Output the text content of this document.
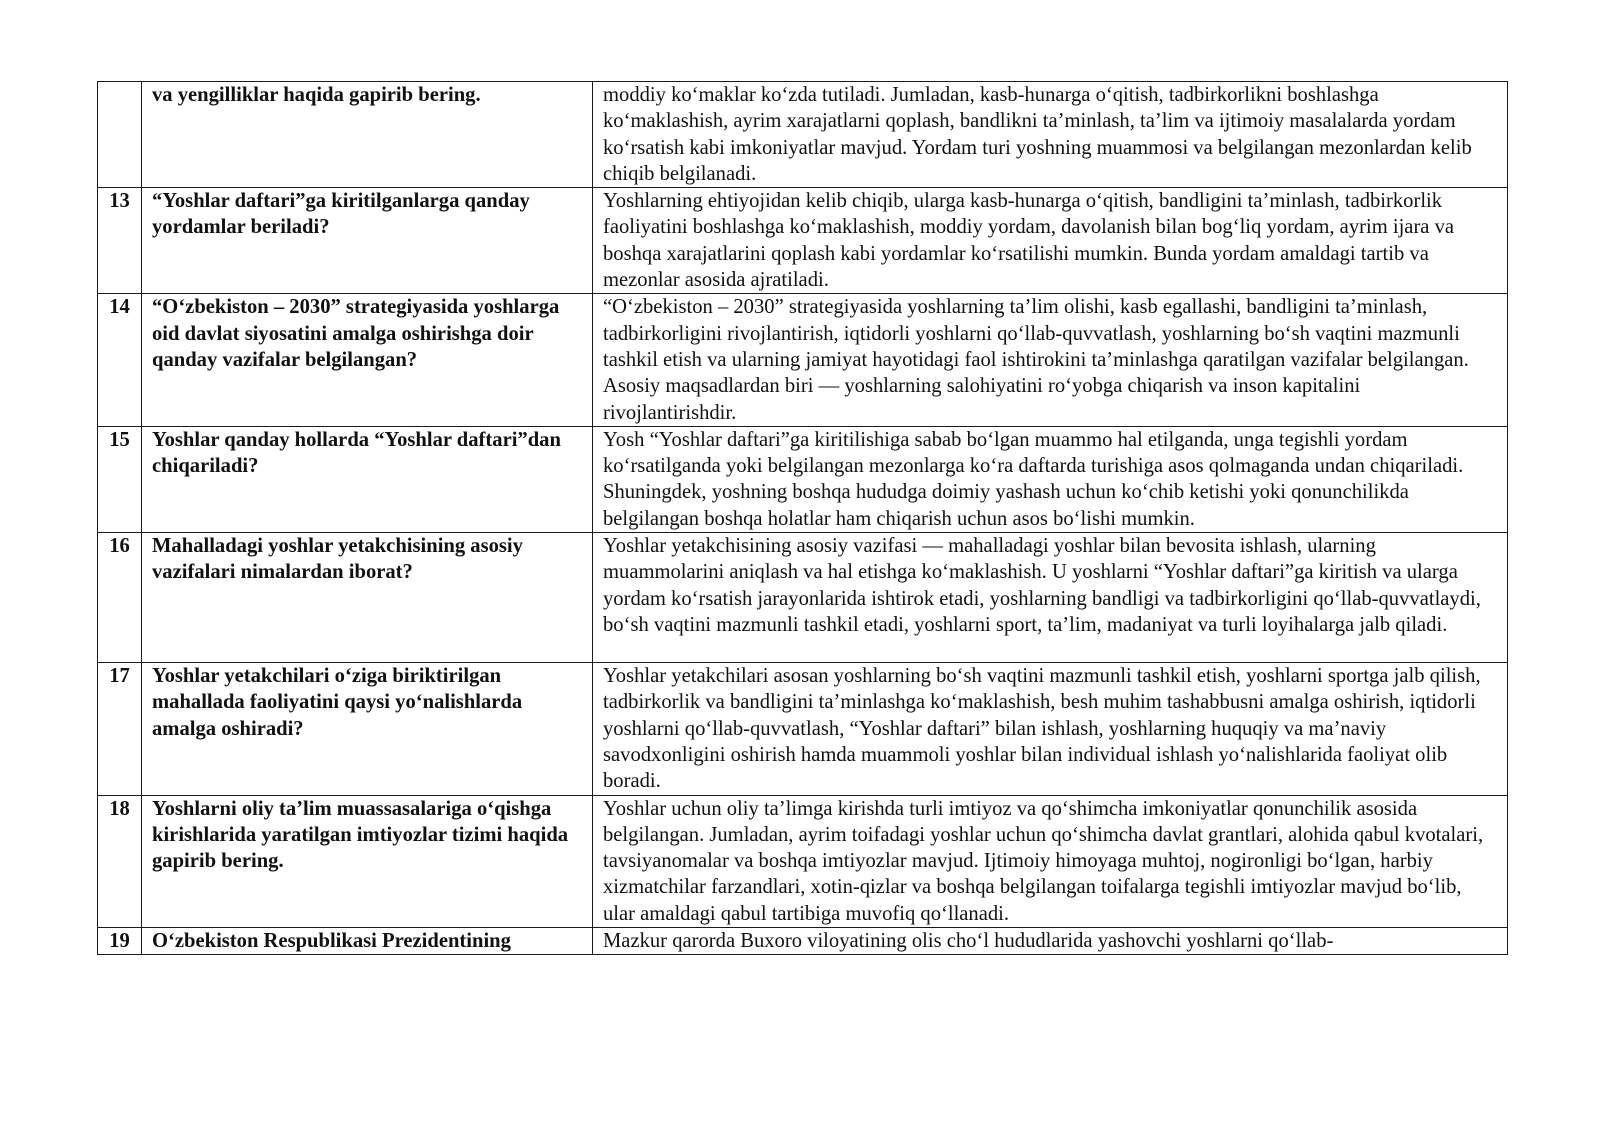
	va yengilliklar haqida gapirib bering.	moddiy koʻmaklar koʻzda tutiladi. Jumladan, kasb-hunarga oʻqitish, tadbirkorlikni boshlashga koʻmaklashish, ayrim xarajatlarni qoplash, bandlikni taʼminlash, taʼlim va ijtimoiy masalalarda yordam koʻrsatish kabi imkoniyatlar mavjud. Yordam turi yoshning muammosi va belgilangan mezonlardan kelib chiqib belgilanadi.

13	“Yoshlar daftari”ga kiritilganlarga qanday yordamlar beriladi?	Yoshlarning ehtiyojidan kelib chiqib, ularga kasb-hunarga oʻqitish, bandligini taʼminlash, tadbirkorlik faoliyatini boshlashga koʻmaklashish, moddiy yordam, davolanish bilan bogʻliq yordam, ayrim ijara va boshqa xarajatlarini qoplash kabi yordamlar koʻrsatilishi mumkin. Bunda yordam amaldagi tartib va mezonlar asosida ajratiladi.

14	“Oʻzbekiston – 2030” strategiyasida yoshlarga oid davlat siyosatini amalga oshirishga doir qanday vazifalar belgilangan?	“Oʻzbekiston – 2030” strategiyasida yoshlarning taʼlim olishi, kasb egallashi, bandligini taʼminlash, tadbirkorligini rivojlantirish, iqtidorli yoshlarni qoʻllab-quvvatlash, yoshlarning boʻsh vaqtini mazmunli tashkil etish va ularning jamiyat hayotidagi faol ishtirokini taʼminlashga qaratilgan vazifalar belgilangan. Asosiy maqsadlardan biri — yoshlarning salohiyatini roʻyobga chiqarish va inson kapitalini rivojlantirishdir.

15	Yoshlar qanday hollarda “Yoshlar daftari”dan chiqariladi?	Yosh “Yoshlar daftari”ga kiritilishiga sabab boʻlgan muammo hal etilganda, unga tegishli yordam koʻrsatilganda yoki belgilangan mezonlarga koʻra daftarda turishiga asos qolmaganda undan chiqariladi. Shuningdek, yoshning boshqa hududga doimiy yashash uchun koʻchib ketishi yoki qonunchilikda belgilangan boshqa holatlar ham chiqarish uchun asos boʻlishi mumkin.

16	Mahalladagi yoshlar yetakchisining asosiy vazifalari nimalardan iborat?	Yoshlar yetakchisining asosiy vazifasi — mahalladagi yoshlar bilan bevosita ishlash, ularning muammolarini aniqlash va hal etishga koʻmaklashish. U yoshlarni “Yoshlar daftari”ga kiritish va ularga yordam koʻrsatish jarayonlarida ishtirok etadi, yoshlarning bandligi va tadbirkorligini qoʻllab-quvvatlaydi, boʻsh vaqtini mazmunli tashkil etadi, yoshlarni sport, taʼlim, madaniyat va turli loyihalarga jalb qiladi.

17	Yoshlar yetakchilari oʻziga biriktirilgan mahallada faoliyatini qaysi yoʻnalishlarda amalga oshiradi?	Yoshlar yetakchilari asosan yoshlarning boʻsh vaqtini mazmunli tashkil etish, yoshlarni sportga jalb qilish, tadbirkorlik va bandligini taʼminlashga koʻmaklashish, besh muhim tashabbusni amalga oshirish, iqtidorli yoshlarni qoʻllab-quvvatlash, “Yoshlar daftari” bilan ishlash, yoshlarning huquqiy va maʼnaviy savodxonligini oshirish hamda muammoli yoshlar bilan individual ishlash yoʻnalishlarida faoliyat olib boradi.

18	Yoshlarni oliy taʼlim muassasalariga oʻqishga kirishlarida yaratilgan imtiyozlar tizimi haqida gapirib bering.	Yoshlar uchun oliy taʼlimga kirishda turli imtiyoz va qoʻshimcha imkoniyatlar qonunchilik asosida belgilangan. Jumladan, ayrim toifadagi yoshlar uchun qoʻshimcha davlat grantlari, alohida qabul kvotalari, tavsiyanomalar va boshqa imtiyozlar mavjud. Ijtimoiy himoyaga muhtoj, nogironligi boʻlgan, harbiy xizmatchilar farzandlari, xotin-qizlar va boshqa belgilangan toifalarga tegishli imtiyozlar mavjud boʻlib, ular amaldagi qabul tartibiga muvofiq qoʻllanadi.

19	Oʻzbekiston Respublikasi Prezidentining	Mazkur qarorda Buxoro viloyatining olis choʻl hududlarida yashovchi yoshlarni qoʻllab-
